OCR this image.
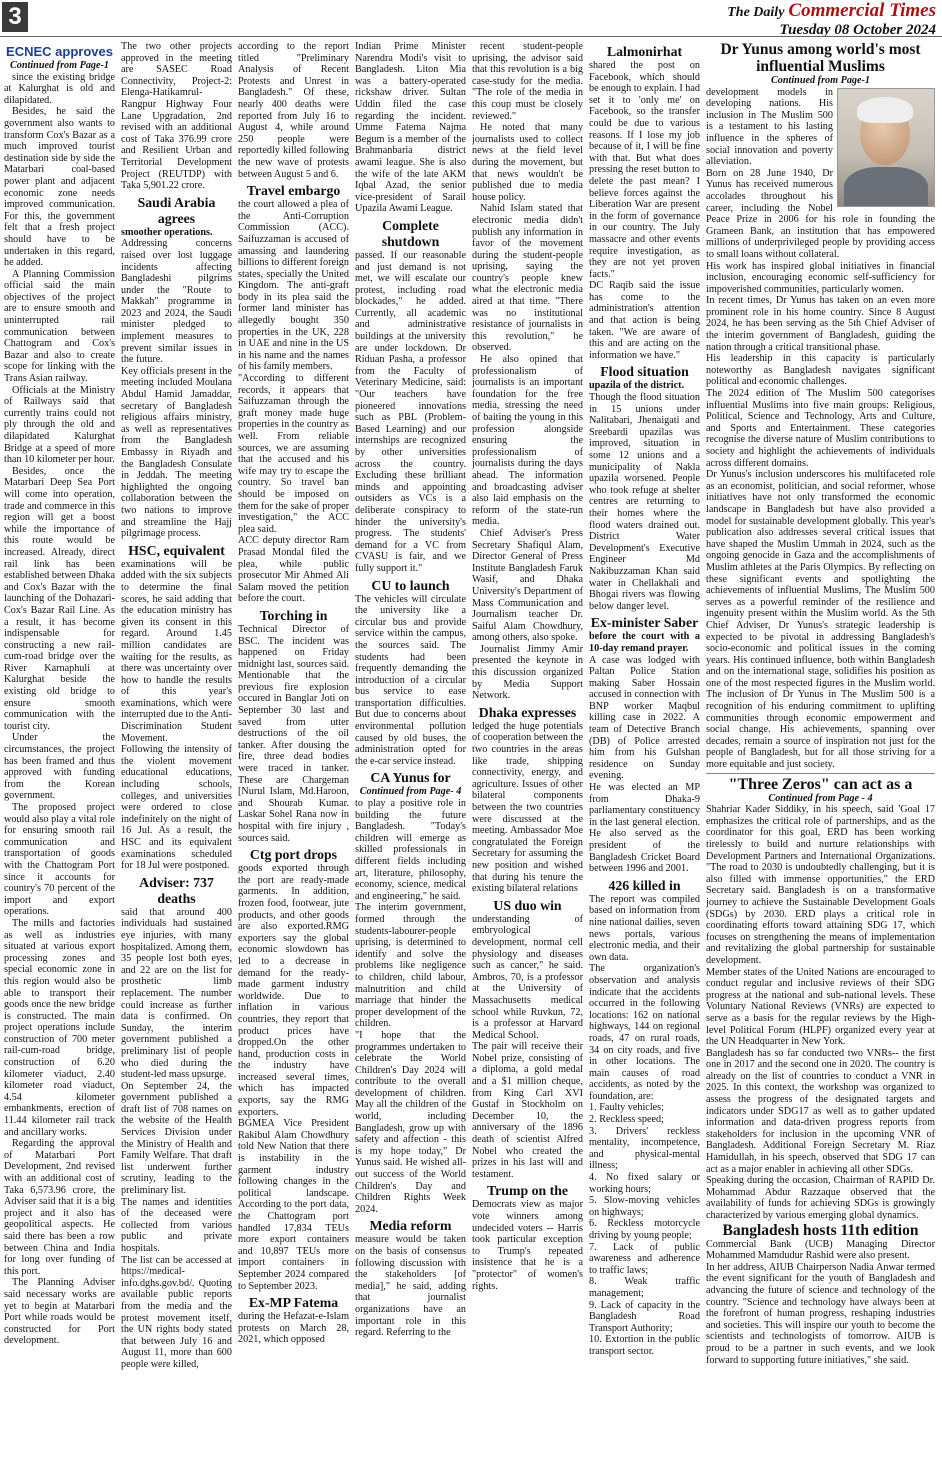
3	The Daily Commercial Times
Tuesday 08 October 2024
ECNEC approves
Continued from Page-1

since the existing bridge at Kalurghat is old and dilapidated.

Besides, he said the government also wants to transform Cox's Bazar as a much improved tourist destination side by side the Matarbari coal-based power plant and adjacent economic zone needs improved communication. For this, the government felt that a fresh project should have to be undertaken in this regard, he added.

A Planning Commission official said the main objectives of the project are to ensure smooth and uninterrupted rail communication between Chattogram and Cox's Bazar and also to create scope for linking with the Trans Asian railway.

Officials at the Ministry of Railways said that currently trains could not ply through the old and dilapidated Kalurghat Bridge at a speed of more than 10 kilometer per hour.

Besides, once the Matarbari Deep Sea Port will come into operation, trade and commerce in this region will get a boost while the importance of this route would be increased. Already, direct rail link has been established between Dhaka and Cox's Bazar with the launching of the Dohazari-Cox's Bazar Rail Line. As a result, it has become indispensable for constructing a new rail-cum-road bridge over the River Karnaphuli at Kalurghat beside the existing old bridge to ensure smooth communication with the tourist city.

Under the circumstances, the project has been framed and thus approved with funding from the Korean government.

The proposed project would also play a vital role for ensuring smooth rail communication and transportation of goods with the Chattogram Port since it accounts for country's 70 percent of the import and export operations.

The mills and factories as well as industries situated at various export processing zones and special economic zone in this region would also be able to transport their goods once the new bridge is constructed. The main project operations include construction of 700 meter rail-cum-road bridge, construction of 6.20 kilometer viaduct, 2.40 kilometer road viaduct, 4.54 kilometer embankments, erection of 11.44 kilometer rail track and ancillary works.

Regarding the approval of Matarbari Port Development, 2nd revised with an additional cost of Taka 6,573.96 crore, the Adviser said that it is a big project and it also has geopolitical aspects. He said there has been a row between China and India for long over funding of this port.

The Planning Adviser said necessary works are yet to begin at Matarbari Port while roads would be constructed for Port development.

The two other projects approved in the meeting are SASEC Road Connectivity, Project-2: Elenga-Hatikamrul-Rangpur Highway Four Lane Upgradation, 2nd revised with an additional cost of Taka 376.99 crore and Resilient Urban and Territorial Development Project (REUTDP) with Taka 5,901.22 crore.

Saudi Arabia agrees
smoother operations.

Addressing concerns raised over lost luggage incidents affecting Bangladeshi pilgrims under the "Route to Makkah" programme in 2023 and 2024, the Saudi minister pledged to implement measures to prevent similar issues in the future.

Key officials present in the meeting included Moulana Abdul Hamid Jamaddar, secretary of Bangladesh religious affairs ministry, as well as representatives from the Bangladesh Embassy in Riyadh and the Bangladesh Consulate in Jeddah. The meeting highlighted the ongoing collaboration between the two nations to improve and streamline the Hajj pilgrimage process.

HSC, equivalent

examinations will be added with the six subjects to determine the final scores, he said adding that the education ministry has given its consent in this regard. Around 1.45 million candidates are waiting for the results, as there was uncertainty over how to handle the results of this year's examinations, which were interrupted due to the Anti-Discrimination Student Movement.

Following the intensity of the violent movement educational educations, including schools, colleges, and universities were ordered to close indefinitely on the night of 16 Jul. As a result, the HSC and its equivalent examinations scheduled for 18 Jul were postponed.

Adviser: 737 deaths

said that around 400 individuals had sustained eye injuries, with many hospitalized. Among them, 35 people lost both eyes, and 22 are on the list for prosthetic limb replacement. The number could increase as further data is confirmed. On Sunday, the interim government published a preliminary list of people who died during the student-led mass upsurge.

On September 24, the government published a draft list of 708 names on the website of the Health Services Division under the Ministry of Health and Family Welfare. That draft list underwent further scrutiny, leading to the preliminary list.

The names and identities of the deceased were collected from various public and private hospitals.

The list can be accessed at https://medical-info.dghs.gov.bd/. Quoting available public reports from the media and the protest movement itself, the UN rights body stated that between July 16 and August 11, more than 600 people were killed,

according to the report titled "Preliminary Analysis of Recent Protests and Unrest in Bangladesh." Of these, nearly 400 deaths were reported from July 16 to August 4, while around 250 people were reportedly killed following the new wave of protests between August 5 and 6.

Travel embargo

the court allowed a plea of the Anti-Corruption Commission (ACC). Saifuzzaman is accused of amassing and laundering billions to different foreign states, specially the United Kingdom. The anti-graft body in its plea said the former land minister has allegedly bought 350 properties in the UK, 228 in UAE and nine in the US in his name and the names of his family members.

"According to different records, it appears that Saifuzzaman through the graft money made huge properties in the country as well. From reliable sources, we are assuming that the accused and his wife may try to escape the country. So travel ban should be imposed on them for the sake of proper investigation," the ACC plea said.

ACC deputy director Ram Prasad Mondal filed the plea, while public prosecutor Mir Ahmed Ali Salam moved the petition before the court.

Torching in

Technical Director of BSC. The incident was happened on Friday midnight last, sources said. Mentionable that the previous fire explosion occured in Banglar Joti on September 30 last and saved from utter destructions of the oil tanker. After dousing the fire, three dead bodies were traced in tanker. These are Chargeman [Nurul Islam, Md.Haroon, and Shourab Kumar. Laskar Sohel Rana now in hospital with fire injury , sources said.

Ctg port drops

goods exported through the port are ready-made garments. In addition, frozen food, footwear, jute products, and other goods are also exported.RMG exporters say the global economic slowdown has led to a decrease in demand for the ready-made garment industry worldwide. Due to inflation in various countries, they report that product prices have dropped.On the other hand, production costs in the industry have increased several times, which has impacted exports, say the RMG exporters.

BGMEA Vice President Rakibul Alam Chowdhury told New Nation that there is instability in the garment industry following changes in the political landscape. According to the port data, the Chattogram port handled 17,834 TEUs more export containers and 10,897 TEUs more import containers in September 2024 compared to September 2023.

Ex-MP Fatema

during the Hefazat-e-Islam protests on March 28, 2021, which opposed

Indian Prime Minister Narendra Modi's visit to Bangladesh. Liton Mia was a battery-operated rickshaw driver. Sultan Uddin filed the case regarding the incident. Umme Fatema Najma Begum is a member of the Brahmanbaria district awami league. She is also the wife of the late AKM Iqbal Azad, the senior vice-president of Sarail Upazila Awami League.

Complete shutdown

passed. If our reasonable and just demand is not met, we will escalate our protest, including road blockades," he added. Currently, all academic and administrative buildings at the university are under lockdown. Dr Riduan Pasha, a professor from the Faculty of Veterinary Medicine, said: "Our teachers have pioneered innovations such as PBL (Problem-Based Learning) and our internships are recognized by other universities across the country. Excluding these brilliant minds and appointing outsiders as VCs is a deliberate conspiracy to hinder the university's progress. The students' demand for a VC from CVASU is fair, and we fully support it."

CU to launch

The vehicles will circulate the university like a circular bus and provide service within the campus, the sources said. The students had been frequently demanding the introduction of a circular bus service to ease transportation difficulties. But due to concerns about environmental pollution caused by old buses, the administration opted for the e-car service instead.

CA Yunus for
Continued from Page- 4

to play a positive role in building the future Bangladesh. "Today's children will emerge as skilled professionals in different fields including art, literature, philosophy, economy, science, medical and engineering," he said.

The interim government, formed through the students-labourer-people uprising, is determined to identify and solve the problems like negligence to children, child labour, malnutrition and child marriage that hinder the proper development of the children.

"I hope that the programmes undertaken to celebrate the World Children's Day 2024 will contribute to the overall development of children. May all the children of the world, including Bangladesh, grow up with safety and affection - this is my hope today," Dr Yunus said. He wished all-out success of the World Children's Day and Children Rights Week 2024.

Media reform

measure would be taken on the basis of consensus following discussion with the stakeholders [of media]," he said, adding that journalist organizations have an important role in this regard. Referring to the

recent student-people uprising, the advisor said that this revolution is a big case-study for the media. "The role of the media in this coup must be closely reviewed."

He noted that many journalists used to collect news at the field level during the movement, but that news wouldn't be published due to media house policy.

Nahid Islam stated that electronic media didn't publish any information in favor of the movement during the student-people uprising, saying the country's people knew what the electronic media aired at that time. "There was no institutional resistance of journalists in this revolution," he observed.

He also opined that professionalism of journalists is an important foundation for the free media, stressing the need of baiting the young in this profession alongside ensuring the professionalism of journalists during the days ahead. The information and broadcasting adviser also laid emphasis on the reform of the state-run media.

Chief Adviser's Press Secretary Shafiqul Alam, Director General of Press Institute Bangladesh Faruk Wasif, and Dhaka University's Department of Mass Communication and Journalism teacher Dr. Saiful Alam Chowdhury, among others, also spoke.

Journalist Jimmy Amir presented the keynote in this discussion organized by Media Support Network.

Dhaka expresses

ledged the huge potentials of cooperation between the two countries in the areas like trade, shipping connectivity, energy, and agriculture. Issues of other bilateral components between the two countries were discussed at the meeting. Ambassador Moe congratulated the Foreign Secretary for assuming the new position and wished that during his tenure the existing bilateral relations

US duo win

understanding of embryological development, normal cell physiology and diseases such as cancer," he said. Ambros, 70, is a professor at the University of Massachusetts medical school while Ruvkun, 72, is a professor at Harvard Medical School.

The pair will receive their Nobel prize, consisting of a diploma, a gold medal and a $1 million cheque, from King Carl XVI Gustaf in Stockholm on December 10, the anniversary of the 1896 death of scientist Alfred Nobel who created the prizes in his last will and testament.

Trump on the

Democrats view as major vote winners among undecided voters -- Harris took particular exception to Trump's repeated insistence that he is a "protector" of women's rights.

Lalmonirhat

shared the post on Facebook, which should be enough to explain. I had set it to 'only me' on Facebook, so the transfer could be due to various reasons. If I lose my job because of it, I will be fine with that. But what does pressing the reset button to delete the past mean? I believe forces against the Liberation War are present in the form of governance in our country. The July massacre and other events require investigation, as they are not yet proven facts."

DC Raqib said the issue has come to the administration's attention and that action is being taken. "We are aware of this and are acting on the information we have."

Flood situation
upazila of the district.

Though the flood situation in 15 unions under Nalitabari, Jhenaigati and Sreebardi upazilas was improved, situation in some 12 unions and a municipality of Nakla upazila worsened. People who took refuge at shelter centres are returning to their homes where the flood waters drained out. District Water Development's Executive Engineer Md Nakibuzzaman Khan said water in Chellakhali and Bhogai rivers was flowing below danger level.

Ex-minister Saber
before the court with a 10-day remand prayer.

A case was lodged with Paltan Police Station making Saber Hossain accused in connection with BNP worker Maqbul killing case in 2022. A team of Detective Branch (DB) of Police arrested him from his Gulshan residence on Sunday evening.

He was elected an MP from Dhaka-9 parliamentary constituency in the last general election. He also served as the president of the Bangladesh Cricket Board between 1996 and 2001.

426 killed in

The report was compiled based on information from nine national dailies, seven news portals, various electronic media, and their own data.

The organization's observation and analysis indicate that the accidents occurred in the following locations: 162 on national highways, 144 on regional roads, 47 on rural roads, 34 on city roads, and five in other locations. The main causes of road accidents, as noted by the foundation, are:

1. Faulty vehicles;

2. Reckless speed;

3. Drivers' reckless mentality, incompetence, and physical-mental illness;

4. No fixed salary or working hours;

5. Slow-moving vehicles on highways;

6. Reckless motorcycle driving by young people;

7. Lack of public awareness and adherence to traffic laws;

8. Weak traffic management;

9. Lack of capacity in the Bangladesh Road Transport Authority;

10. Extortion in the public transport sector.

Dr Yunus among world's most influential Muslims
Continued from Page-1

development models in developing nations. His inclusion in The Muslim 500 is a testament to his lasting influence in the spheres of social innovation and poverty alleviation.

Born on 28 June 1940, Dr Yunus has received numerous accolades throughout his career, including the Nobel Peace Prize in 2006 for his role in founding the Grameen Bank, an institution that has empowered millions of underprivileged people by providing access to small loans without collateral.

His work has inspired global initiatives in financial inclusion, encouraging economic self-sufficiency for impoverished communities, particularly women.

In recent times, Dr Yunus has taken on an even more prominent role in his home country. Since 8 August 2024, he has been serving as the 5th Chief Adviser of the interim government of Bangladesh, guiding the nation through a critical transitional phase.

His leadership in this capacity is particularly noteworthy as Bangladesh navigates significant political and economic challenges.

The 2024 edition of The Muslim 500 categorises influential Muslims into five main groups: Religious, Political, Science and Technology, Arts and Culture, and Sports and Entertainment. These categories recognise the diverse nature of Muslim contributions to society and highlight the achievements of individuals across different domains.

Dr Yunus's inclusion underscores his multifaceted role as an economist, politician, and social reformer, whose initiatives have not only transformed the economic landscape in Bangladesh but have also provided a model for sustainable development globally. This year's publication also addresses several critical issues that have shaped the Muslim Ummah in 2024, such as the ongoing genocide in Gaza and the accomplishments of Muslim athletes at the Paris Olympics. By reflecting on these significant events and spotlighting the achievements of influential Muslims, The Muslim 500 serves as a powerful reminder of the resilience and ingenuity present within the Muslim world. As the 5th Chief Adviser, Dr Yunus's strategic leadership is expected to be pivotal in addressing Bangladesh's socio-economic and political issues in the coming years. His continued influence, both within Bangladesh and on the international stage, solidifies his position as one of the most respected figures in the Muslim world. The inclusion of Dr Yunus in The Muslim 500 is a recognition of his enduring commitment to uplifting communities through economic empowerment and social change. His achievements, spanning over decades, remain a source of inspiration not just for the people of Bangladesh, but for all those striving for a more equitable and just society.

"Three Zeros" can act as a
Continued from Page - 4

Shahriar Kader Siddiky, in his speech, said 'Goal 17 emphasizes the critical role of partnerships, and as the coordinator for this goal, ERD has been working tirelessly to build and nurture relationships with Development Partners and International Organizations. "The road to 2030 is undoubtedly challenging, but it is also filled with immense opportunities," the ERD Secretary said. Bangladesh is on a transformative journey to achieve the Sustainable Development Goals (SDGs) by 2030. ERD plays a critical role in coordinating efforts toward attaining SDG 17, which focuses on strengthening the means of implementation and revitalizing the global partnership for sustainable development.

Member states of the United Nations are encouraged to conduct regular and inclusive reviews of their SDG progress at the national and sub-national levels. These Voluntary National Reviews (VNRs) are expected to serve as a basis for the regular reviews by the High-level Political Forum (HLPF) organized every year at the UN Headquarter in New York.

Bangladesh has so far conducted two VNRs-- the first one in 2017 and the second one in 2020. The country is already on the list of countries to conduct a VNR in 2025. In this context, the workshop was organized to assess the progress of the designated targets and indicators under SDG17 as well as to gather updated information and data-driven progress reports from stakeholders for inclusion in the upcoming VNR of Bangladesh. Additional Foreign Secretary M. Riaz Hamidullah, in his speech, observed that SDG 17 can act as a major enabler in achieving all other SDGs.

Speaking during the occasion, Chairman of RAPID Dr. Mohammad Abdur Razzaque observed that the availability of funds for achieving SDGs is growingly characterized by various emerging global dynamics.

Bangladesh hosts 11th edition

Commercial Bank (UCB) Managing Director Mohammed Mamdudur Rashid were also present.

In her address, AIUB Chairperson Nadia Anwar termed the event significant for the youth of Bangladesh and advancing the future of science and technology of the country. "Science and technology have always been at the forefront of human progress, reshaping industries and societies. This will inspire our youth to become the scientists and technologists of tomorrow. AIUB is proud to be a partner in such events, and we look forward to supporting future initiatives," she said.
